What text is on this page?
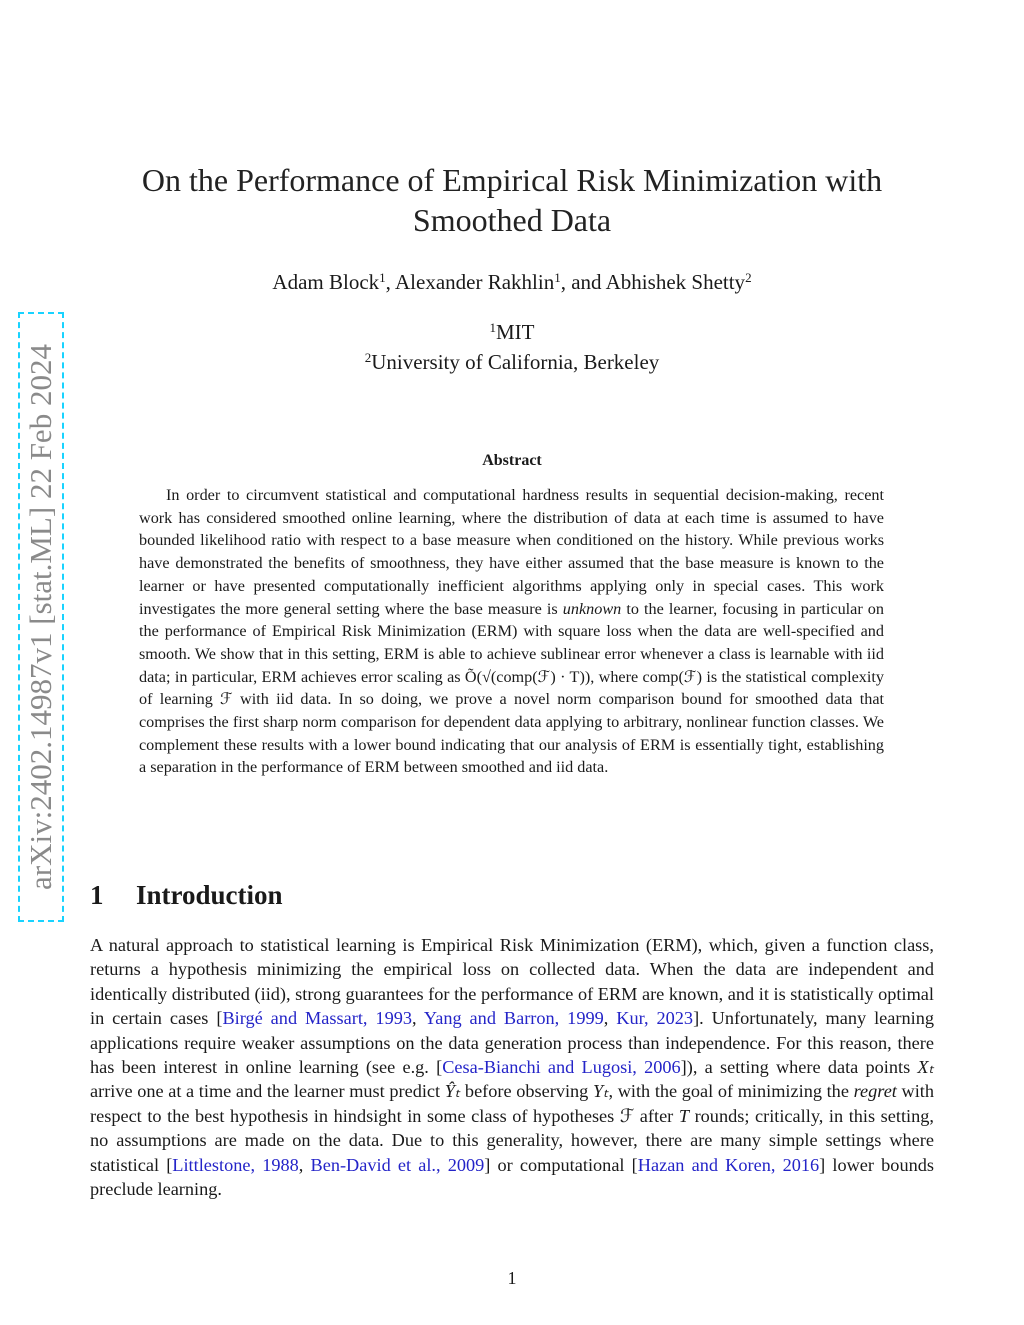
arXiv:2402.14987v1 [stat.ML] 22 Feb 2024
On the Performance of Empirical Risk Minimization with
Smoothed Data
Adam Block$^1$, Alexander Rakhlin$^1$, and Abhishek Shetty$^2$
$^1$MIT
$^2$University of California, Berkeley
Abstract

In order to circumvent statistical and computational hardness results in sequential decision-making, recent work has considered smoothed online learning, where the distribution of data at each time is assumed to have bounded likelihood ratio with respect to a base measure when conditioned on the history. While previous works have demonstrated the benefits of smoothness, they have either assumed that the base measure is known to the learner or have presented computationally inefficient algorithms applying only in special cases. This work investigates the more general setting where the base measure is unknown to the learner, focusing in particular on the performance of Empirical Risk Minimization (ERM) with square loss when the data are well-specified and smooth. We show that in this setting, ERM is able to achieve sublinear error whenever a class is learnable with iid data; in particular, ERM achieves error scaling as Õ(√(comp(ℱ) · T)), where comp(ℱ) is the statistical complexity of learning ℱ with iid data. In so doing, we prove a novel norm comparison bound for smoothed data that comprises the first sharp norm comparison for dependent data applying to arbitrary, nonlinear function classes. We complement these results with a lower bound indicating that our analysis of ERM is essentially tight, establishing a separation in the performance of ERM between smoothed and iid data.

1 Introduction

A natural approach to statistical learning is Empirical Risk Minimization (ERM), which, given a function class, returns a hypothesis minimizing the empirical loss on collected data. When the data are independent and identically distributed (iid), strong guarantees for the performance of ERM are known, and it is statistically optimal in certain cases [Birgé and Massart, 1993, Yang and Barron, 1999, Kur, 2023]. Unfortunately, many learning applications require weaker assumptions on the data generation process than independence. For this reason, there has been interest in online learning (see e.g. [Cesa-Bianchi and Lugosi, 2006]), a setting where data points Xₜ arrive one at a time and the learner must predict Ŷₜ before observing Yₜ, with the goal of minimizing the regret with respect to the best hypothesis in hindsight in some class of hypotheses ℱ after T rounds; critically, in this setting, no assumptions are made on the data. Due to this generality, however, there are many simple settings where statistical [Littlestone, 1988, Ben-David et al., 2009] or computational [Hazan and Koren, 2016] lower bounds preclude learning.

1
